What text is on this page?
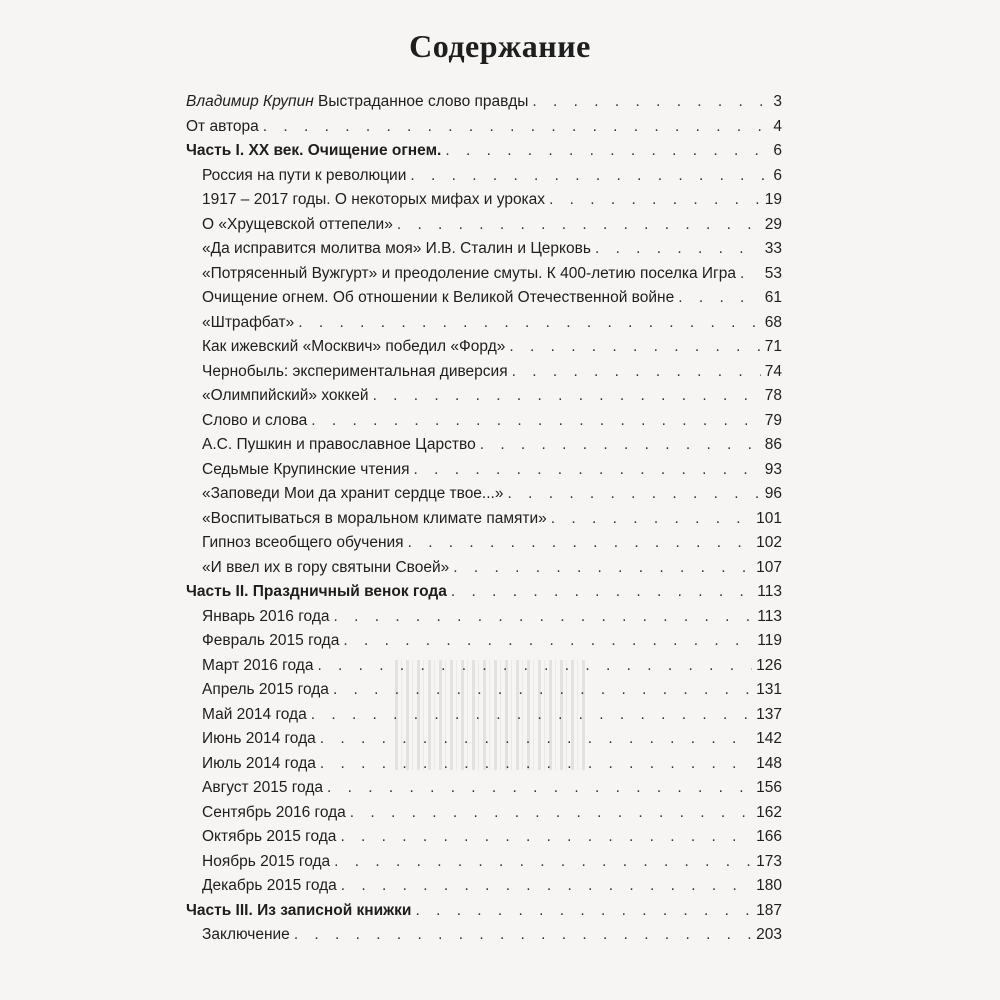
Содержание
Владимир Крупин Выстраданное слово правды . . .	3
От автора . . .	4
Часть I. XX век. Очищение огнем. . . .	6
Россия на пути к революции . . .	6
1917 – 2017 годы. О некоторых мифах и уроках . . .	19
О «Хрущевской оттепели» . . .	29
«Да исправится молитва моя» И.В. Сталин и Церковь . . .	33
«Потрясенный Вужгурт» и преодоление смуты. К 400-летию поселка Игра . . . 53
Очищение огнем. Об отношении к Великой Отечественной войне . . .	61
«Штрафбат» . . .	68
Как ижевский «Москвич» победил «Форд» . . .	71
Чернобыль: экспериментальная диверсия . . .	74
«Олимпийский» хоккей . . .	78
Слово и слова . . .	79
А.С. Пушкин и православное Царство . . .	86
Седьмые Крупинские чтения . . .	93
«Заповеди Мои да хранит сердце твое...» . . .	96
«Воспитываться в моральном климате памяти» . . .	101
Гипноз всеобщего обучения . . .	102
«И ввел их в гору святыни Своей» . . .	107
Часть II. Праздничный венок года . . .	113
Январь 2016 года . . .	113
Февраль 2015 года . . .	119
Март 2016 года . . .	126
Апрель 2015 года . . .	131
Май 2014 года . . .	137
Июнь 2014 года . . .	142
Июль 2014 года . . .	148
Август 2015 года . . .	156
Сентябрь 2016 года . . .	162
Октябрь 2015 года . . .	166
Ноябрь 2015 года . . .	173
Декабрь 2015 года . . .	180
Часть III. Из записной книжки . . .	187
Заключение . . .	203
